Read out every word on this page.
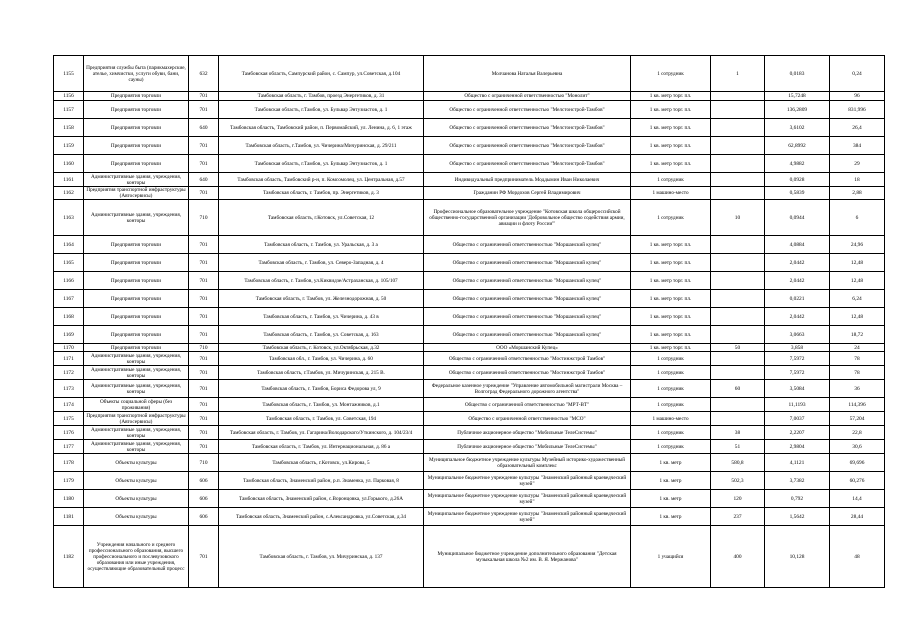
1155	Предприятия службы быта (парикмахерские, ателье, химчистки, услуги обуви, бани, сауны)	632	Тамбовская область, Сампурский район, с. Сампур, ул.Советская, д.104	Молчанова Наталья Валерьевна	1 сотрудник	1	0,0183	0,24
1156	Предприятия торговли	701	Тамбовская область, г. Тамбов, проезд Энергетиков, д. 31	Общество с ограниченной ответственностью "Монолит"	1 кв. метр торг. пл.		15,7248	96
1157	Предприятия торговли	701	Тамбовская область, г.Тамбов, ул. Бульвар Энтузиастов, д. 1	Общество с ограниченной ответственностью "Мелстонстрой-Тамбов"	1 кв. метр торг. пл.		136,2809	831,996
1158	Предприятия торговли	640	Тамбовская область, Тамбовский район, п. Первомайский, ул. Ленина, д. 6, 1 этаж	Общество с ограниченной ответственностью "Мелстонстрой-Тамбов"	1 кв. метр торг. пл.		3,6102	26,4
1159	Предприятия торговли	701	Тамбовская область, г.Тамбов, ул. Чичерина/Мичуринская, д. 29/211	Общество с ограниченной ответственностью "Мелстонстрой-Тамбов"	1 кв. метр торг. пл.		62,8992	384
1160	Предприятия торговли	701	Тамбовская область, г.Тамбов, ул. Бульвар Энтузиастов, д. 1	Общество с ограниченной ответственностью "Мелстонстрой-Тамбов"	1 кв. метр торг. пл.		4,9882	29
1161	Административные здания, учреждения, конторы	640	Тамбовская область, Тамбовский р-н, п. Комсомолец, ул. Центральная, д.57	Индивидуальный предприниматель Моддымин Иван Николаевич	1 сотрудник		0,0928	18
1162	Предприятия транспортной инфраструктуры (Автосервисы)	701	Тамбовская область, г. Тамбов, пр. Энергетиков, д. 3	Гражданин РФ Мордохов Сергей Владимирович	1 машино-место		0,5839	2,88
1163	Административные здания, учреждения, конторы	710	Тамбовская область, г.Котовск, ул.Советская, 12	Профессиональное образовательное учреждение "Котовская школа общероссийской общественно-государственной организации 'Добровольное общество содействия армии, авиации и флоту России'"	1 сотрудник	10	0,0944	6
1164	Предприятия торговли	701	Тамбовская область, г. Тамбов, ул. Уральская, д. 3 а	Общество с ограниченной ответственностью "Моршанский купец"	1 кв. метр торг. пл.		4,0884	24,96
1165	Предприятия торговли	701	Тамбовская область, г. Тамбов, ул. Северо-Западная, д. 4	Общество с ограниченной ответственностью "Моршанский купец"	1 кв. метр торг. пл.		2,0442	12,48
1166	Предприятия торговли	701	Тамбовская область, г. Тамбов, ул.Киквидзе/Астраханская, д. 105/107	Общество с ограниченной ответственностью "Моршанский купец"	1 кв. метр торг. пл.		2,0442	12,48
1167	Предприятия торговли	701	Тамбовская область, г. Тамбов, ул. Железнодорожная, д. 50	Общество с ограниченной ответственностью "Моршанский купец"	1 кв. метр торг. пл.		0,0221	6,24
1168	Предприятия торговли	701	Тамбовская область, г. Тамбов, ул. Чичерина, д. 43 в	Общество с ограниченной ответственностью "Моршанский купец"	1 кв. метр торг. пл.		2,0442	12,48
1169	Предприятия торговли	701	Тамбовская область, г. Тамбов, ул. Советская, д. 163	Общество с ограниченной ответственностью "Моршанский купец"	1 кв. метр торг. пл.		3,0663	18,72
1170	Предприятия торговли	710	Тамбовская область, г. Котовск, ул.Октябрьская, д.32	ООО «Моршанский Купец»	1 кв. метр торг. пл.	50	3,858	24
1171	Административные здания, учреждения, конторы	701	Тамбовская обл., г. Тамбов, ул. Чичерина, д. 60	Общество с ограниченной ответственностью "Мостинжстрой Тамбов"	1 сотрудник		7,5972	78
1172	Административные здания, учреждения, конторы	701	Тамбовская область, г.Тамбов, ул. Мичуринская, д. 215 В.	Общество с ограниченной ответственностью "Мостинжстрой Тамбов"	1 сотрудник		7,5972	78
1173	Административные здания, учреждения, конторы	701	Тамбовская область, г. Тамбов, Бориса Федорова ул, 9	Федеральное казенное учреждение "Управление автомобильной магистрали Москва – Волгоград Федерального дорожного агентства"	1 сотрудник	60	3,5084	36
1174	Объекты социальной сферы (без проживания)	701	Тамбовская область, г. Тамбов, ул. Монтажников, д.1	Общество с ограниченной ответственностью "МРТ-ВТ"	1 сотрудник		11,1193	114,396
1175	Предприятия транспортной инфраструктуры (Автосервисы)	701	Тамбовская область, г. Тамбов, ул. Советская, 194	Общество с ограниченной ответственностью "МСО"	1 машино-место		7,0037	57,204
1176	Административные здания, учреждения, конторы	701	Тамбовская область, г. Тамбов, ул. Гагарина/Володарского/Уткинского, д. 104/23/4	Публичное акционерное общество "Мобильные ТелеСистемы"	1 сотрудник	38	2,2207	22,8
1177	Административные здания, учреждения, конторы	701	Тамбовская область, г. Тамбов, ул. Интернациональная, д. 86 а	Публичное акционерное общество "Мобильные ТелеСистемы"	1 сотрудник	51	2,9804	30,6
1178	Объекты культуры	710	Тамбовская область, г.Котовск, ул.Кирова, 5	Муниципальное бюджетное учреждение культуры Музейный историко-художественный образовательный комплекс	1 кв. метр	580,8	4,1121	69,696
1179	Объекты культуры	606	Тамбовская область, Знаменский район, р.п. Знаменка, ул. Парковая, 8	Муниципальное бюджетное учреждение культуры "Знаменский районный краеведческий музей"	1 кв. метр	502,3	3,7382	60,276
1180	Объекты культуры	606	Тамбовская область, Знаменский район, с.Воронцовка, ул.Горького, д.26А	Муниципальное бюджетное учреждение культуры "Знаменский районный краеведческий музей"	1 кв. метр	120	0,792	14,4
1181	Объекты культуры	606	Тамбовская область, Знаменский район, с.Александровка, ул.Советская, д.34	Муниципальное бюджетное учреждение культуры "Знаменский районный краеведческий музей"	1 кв. метр	237	1,5642	28,44
1182	Учреждения начального и среднего профессионального образования, высшего профессионального и послевузовского образования или иные учреждения, осуществляющие образовательный процесс	701	Тамбовская область, г. Тамбов, ул. Мичуринская, д. 137	Муниципальное бюджетное учреждение дополнительного образования "Детская музыкальная школа №2 им. В. Я. Мержанова"	1 учащийся	400	10,128	48
